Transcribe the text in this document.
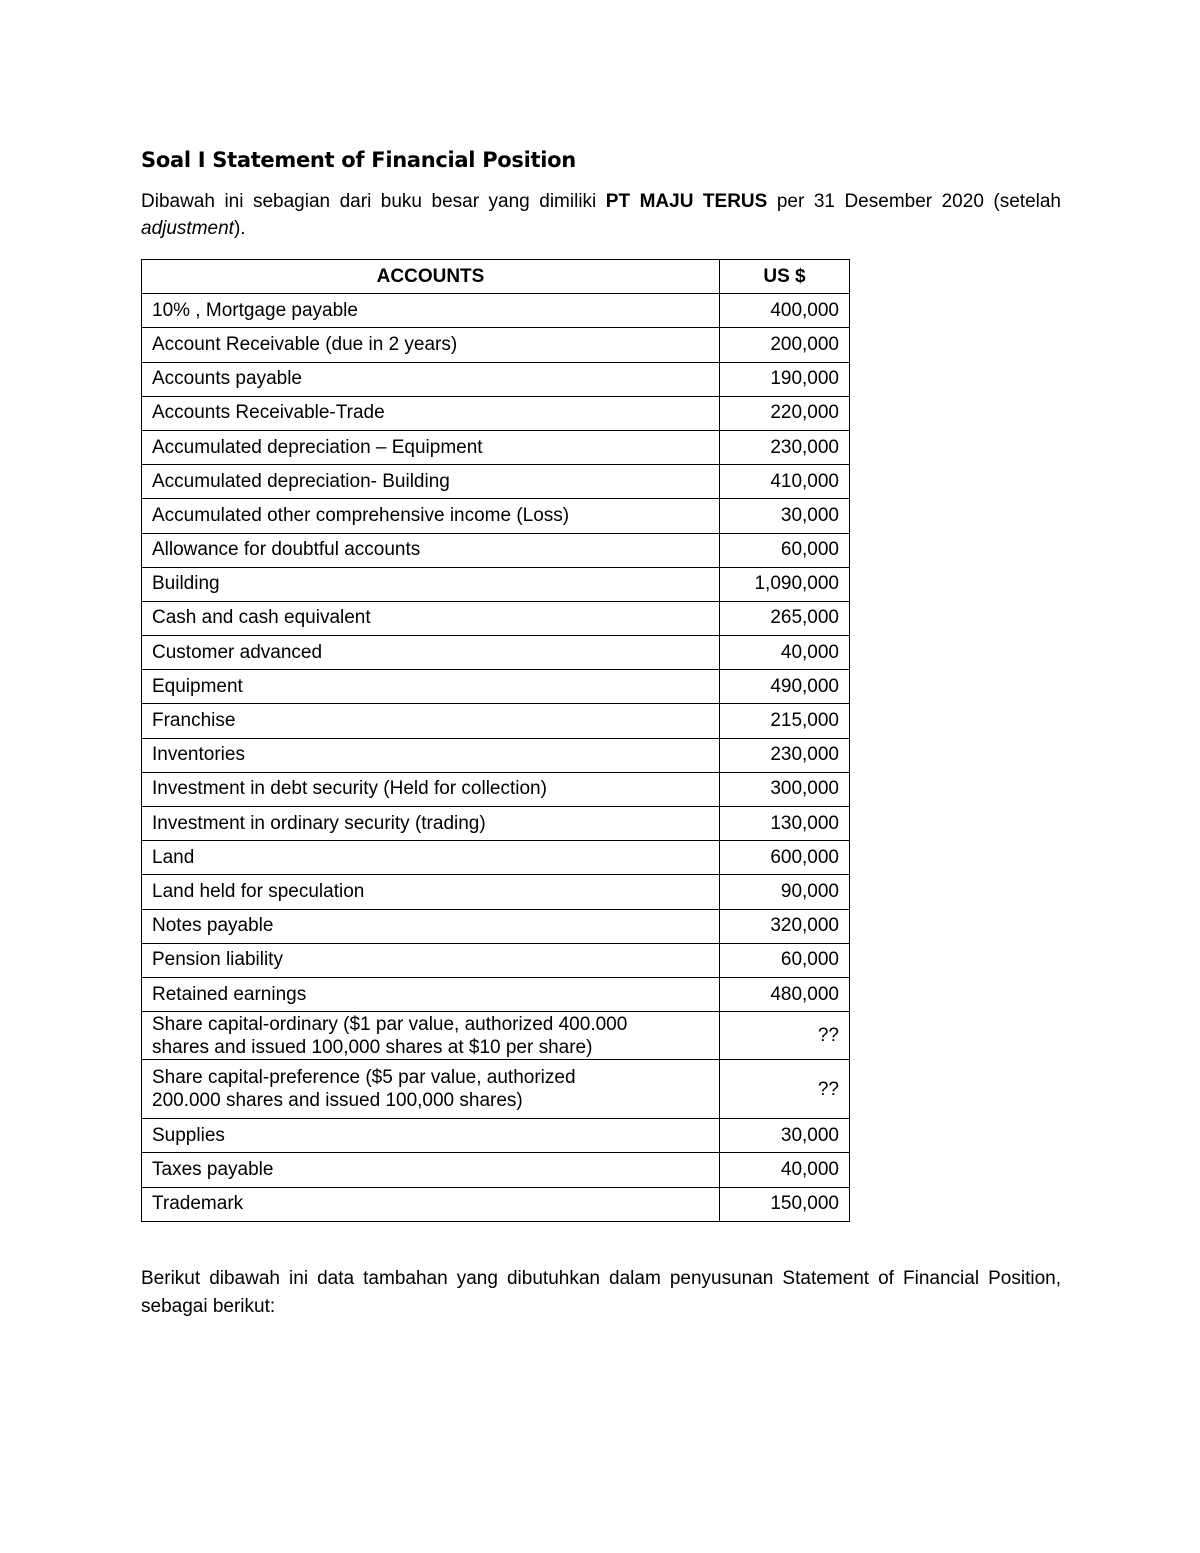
Soal I Statement of Financial Position

Dibawah ini sebagian dari buku besar yang dimiliki PT MAJU TERUS per 31 Desember 2020 (setelah adjustment).

ACCOUNTS	US $
10% , Mortgage payable	400,000
Account Receivable (due in 2 years)	200,000
Accounts payable	190,000
Accounts Receivable-Trade	220,000
Accumulated depreciation – Equipment	230,000
Accumulated depreciation- Building	410,000
Accumulated other comprehensive income (Loss)	30,000
Allowance for doubtful accounts	60,000
Building	1,090,000
Cash and cash equivalent	265,000
Customer advanced	40,000
Equipment	490,000
Franchise	215,000
Inventories	230,000
Investment in debt security (Held for collection)	300,000
Investment in ordinary security (trading)	130,000
Land	600,000
Land held for speculation	90,000
Notes payable	320,000
Pension liability	60,000
Retained earnings	480,000
Share capital-ordinary ($1 par value, authorized 400.000
shares and issued 100,000 shares at $10 per share)	??
Share capital-preference ($5 par value, authorized
200.000 shares and issued 100,000 shares)	??
Supplies	30,000
Taxes payable	40,000
Trademark	150,000

Berikut dibawah ini data tambahan yang dibutuhkan dalam penyusunan Statement of Financial Position, sebagai berikut:
